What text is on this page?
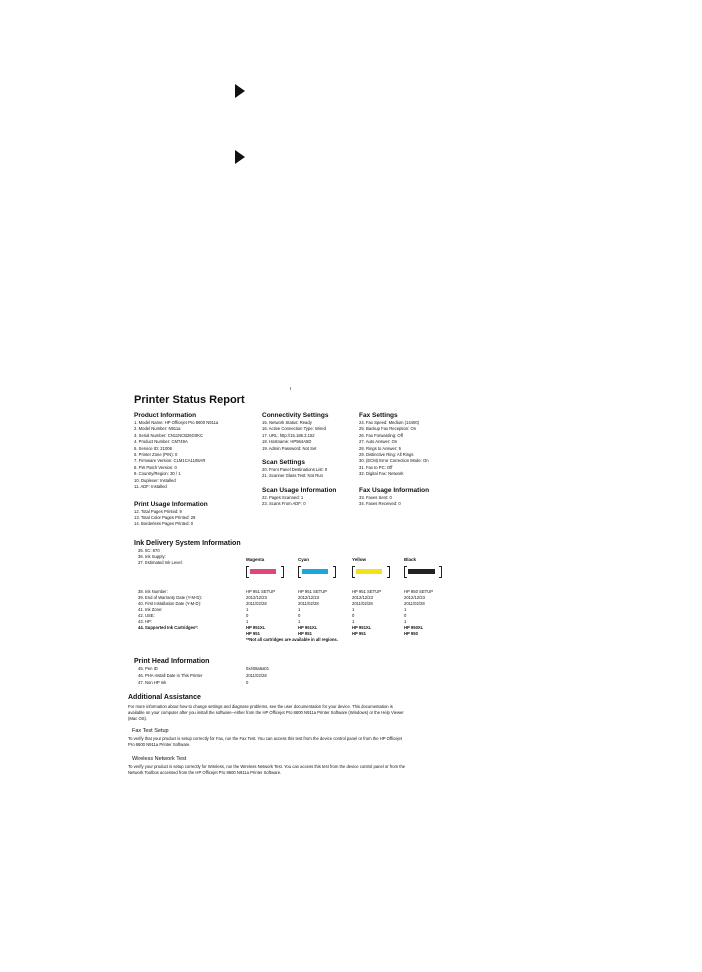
ı
Printer Status Report

Product Information

1. Model Name: HP Officejet Pro 8600 N911a

2. Model Number: N911a

3. Serial Number: CN11NCB26G0KC

4. Product Number: CM749A

5. Service ID: 21006

6. Printer Zone (PIN): 0

7. Firmware Version: CLM1CA1108AR

8. FW Patch Version: 0

9. Country/Region: 30 / 1

10. Duplexer: Installed

11. ADF: Installed

Print Usage Information

12. Total Pages Printed: 9

13. Total Color Pages Printed: 29

14. Borderless Pages Printed: 0

Connectivity Settings

15. Network Status: Ready

16. Active Connection Type: Wired

17. URL: http://15.186.3.152

18. Hostname: HP564A5D

19. Admin Password: Not Set

Scan Settings

20. Front Panel Destinations List: 0

21. Scanner Glass Test: Not Run

Scan Usage Information

22. Pages Scanned: 1

23. Scans From ADF: 0

Fax Settings

24. Fax Speed: Medium (14400)

25. Backup Fax Reception: On

26. Fax Forwarding: Off

27. Auto Answer: On

28. Rings to Answer: 5

29. Distinctive Ring: All Rings

30. (ECM) Error Correction Mode: On

31. Fax to PC: Off

32. Digital Fax: Network

Fax Usage Information

33. Faxes Sent: 0

34. Faxes Received: 0

Ink Delivery System Information
35. IIC: 870
36. Ink Supply:
37. Estimated Ink Level:
38. Ink Number:
39. End of Warranty Date (Y-M-D):
40. First Installation Date (Y-M-D):
41. Ink Zone:
42. USE:
43. HP:
44. Supported Ink Cartridges*:
Magenta
HP 951 SETUP
2012/12/23
2011/02/28
1
0
1
HP 951XL
HP 951
Cyan
HP 951 SETUP
2012/12/23
2011/02/28
1
0
1
HP 951XL
HP 951
Yellow
HP 951 SETUP
2012/12/23
2011/02/28
1
0
1
HP 951XL
HP 951
Black
HP 950 SETUP
2012/12/23
2011/02/28
1
0
1
HP 950XL
HP 950
**Not all cartridges are available in all regions.
Print Head Information
45. Pen ID
46. PHA Install Date in This Printer
47. Non HP Ink
0x408a6a01
2011/02/28
0
Additional Assistance
For more information about how to change settings and diagnose problems, see the user documentation for your device. This documentation is available on your computer after you install the software--either from the HP Officejet Pro 8600 N911a Printer Software (Windows) or the Help Viewer (Mac OS).
Fax Test Setup
To verify that your product is setup correctly for Fax, run the Fax Test. You can access this test from the device control panel or from the HP Officejet Pro 8600 N911a Printer Software.
Wireless Network Test
To verify your product is setup correctly for Wireless, run the Wireless Network Test. You can access this test from the device control panel or from the Network Toolbox accessed from the HP Officejet Pro 8600 N911a Printer Software.
